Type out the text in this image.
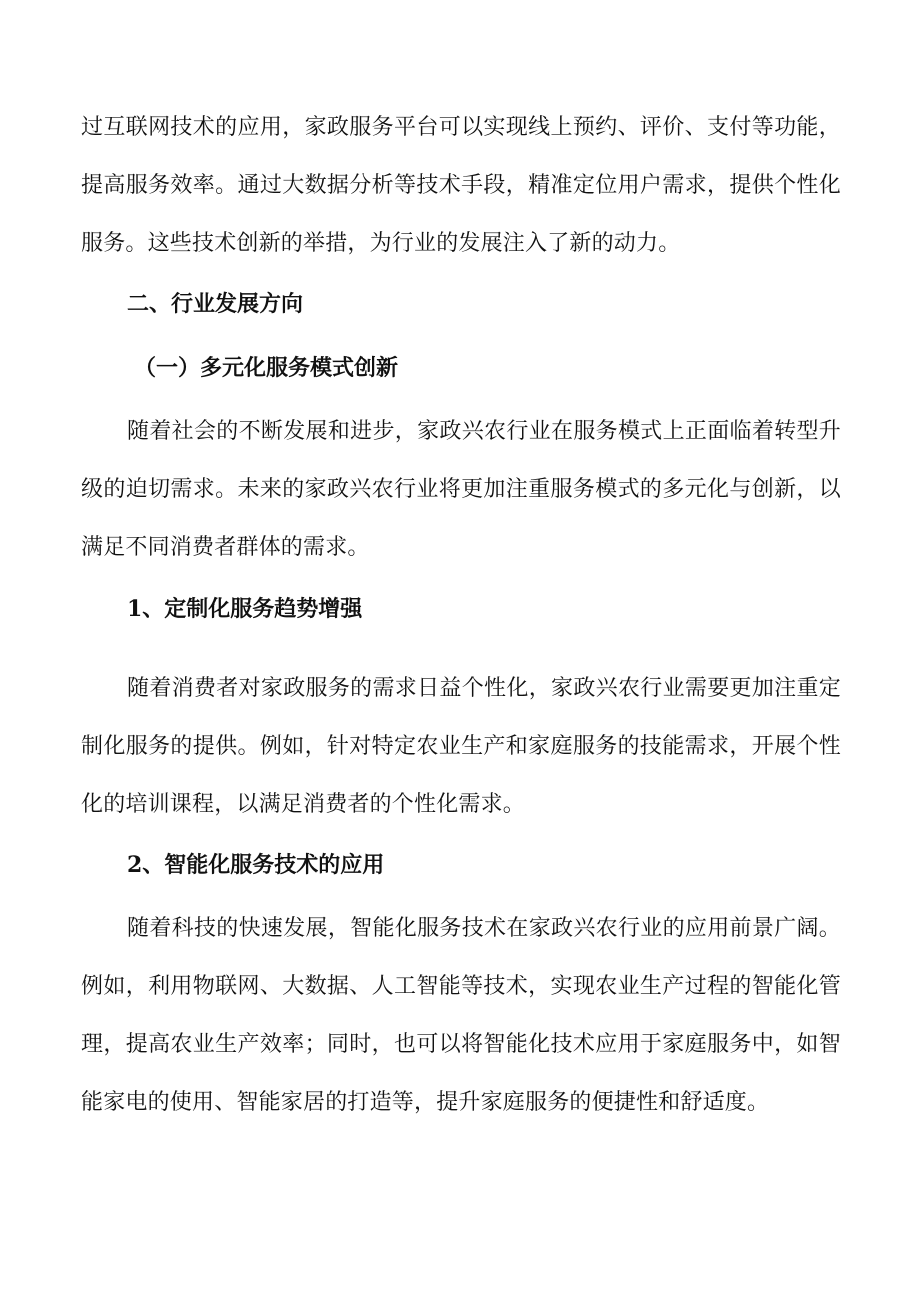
过互联网技术的应用，家政服务平台可以实现线上预约、评价、支付等功能，提高服务效率。通过大数据分析等技术手段，精准定位用户需求，提供个性化服务。这些技术创新的举措，为行业的发展注入了新的动力。

二、行业发展方向
（一）多元化服务模式创新

随着社会的不断发展和进步，家政兴农行业在服务模式上正面临着转型升级的迫切需求。未来的家政兴农行业将更加注重服务模式的多元化与创新，以满足不同消费者群体的需求。

1、定制化服务趋势增强

随着消费者对家政服务的需求日益个性化，家政兴农行业需要更加注重定制化服务的提供。例如，针对特定农业生产和家庭服务的技能需求，开展个性化的培训课程，以满足消费者的个性化需求。

2、智能化服务技术的应用

随着科技的快速发展，智能化服务技术在家政兴农行业的应用前景广阔。例如，利用物联网、大数据、人工智能等技术，实现农业生产过程的智能化管理，提高农业生产效率；同时，也可以将智能化技术应用于家庭服务中，如智能家电的使用、智能家居的打造等，提升家庭服务的便捷性和舒适度。
